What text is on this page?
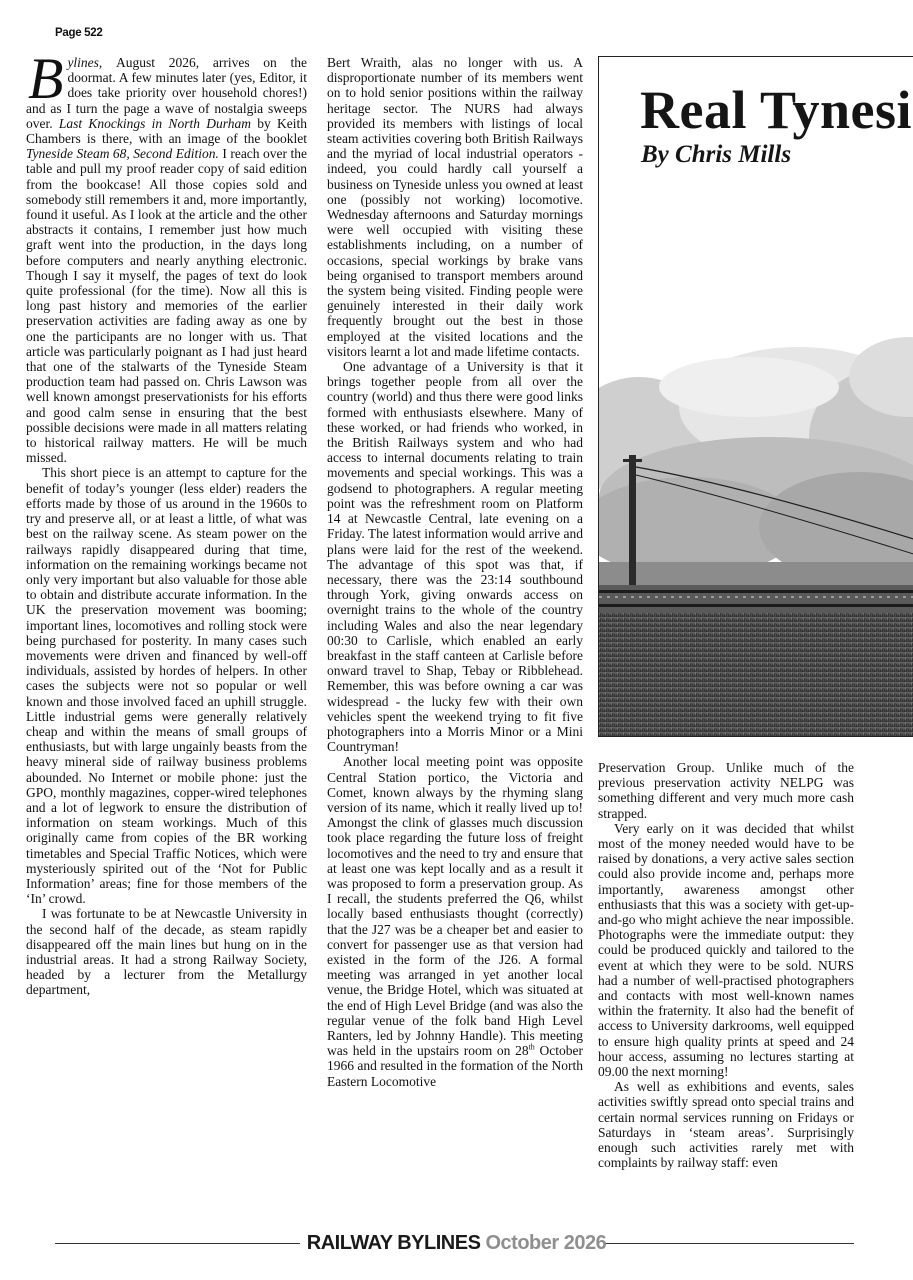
Page 522

Bylines, August 2026, arrives on the doormat. A few minutes later (yes, Editor, it does take priority over household chores!) and as I turn the page a wave of nostalgia sweeps over. Last Knockings in North Durham by Keith Chambers is there, with an image of the booklet Tyneside Steam 68, Second Edition. I reach over the table and pull my proof reader copy of said edition from the bookcase! All those copies sold and somebody still remembers it and, more importantly, found it useful. As I look at the article and the other abstracts it contains, I remember just how much graft went into the production, in the days long before computers and nearly anything electronic. Though I say it myself, the pages of text do look quite professional (for the time). Now all this is long past history and memories of the earlier preservation activities are fading away as one by one the participants are no longer with us. That article was particularly poignant as I had just heard that one of the stalwarts of the Tyneside Steam production team had passed on. Chris Lawson was well known amongst preservationists for his efforts and good calm sense in ensuring that the best possible decisions were made in all matters relating to historical railway matters. He will be much missed.

This short piece is an attempt to capture for the benefit of today’s younger (less elder) readers the efforts made by those of us around in the 1960s to try and preserve all, or at least a little, of what was best on the railway scene. As steam power on the railways rapidly disappeared during that time, information on the remaining workings became not only very important but also valuable for those able to obtain and distribute accurate information. In the UK the preservation movement was booming; important lines, locomotives and rolling stock were being purchased for posterity. In many cases such movements were driven and financed by well-off individuals, assisted by hordes of helpers. In other cases the subjects were not so popular or well known and those involved faced an uphill struggle. Little industrial gems were generally relatively cheap and within the means of small groups of enthusiasts, but with large ungainly beasts from the heavy mineral side of railway business problems abounded. No Internet or mobile phone: just the GPO, monthly magazines, copper-wired telephones and a lot of legwork to ensure the distribution of information on steam workings. Much of this originally came from copies of the BR working timetables and Special Traffic Notices, which were mysteriously spirited out of the ‘Not for Public Information’ areas; fine for those members of the ‘In’ crowd.

I was fortunate to be at Newcastle University in the second half of the decade, as steam rapidly disappeared off the main lines but hung on in the industrial areas. It had a strong Railway Society, headed by a lecturer from the Metallurgy department,

Bert Wraith, alas no longer with us. A disproportionate number of its members went on to hold senior positions within the railway heritage sector. The NURS had always provided its members with listings of local steam activities covering both British Railways and the myriad of local industrial operators - indeed, you could hardly call yourself a business on Tyneside unless you owned at least one (possibly not working) locomotive. Wednesday afternoons and Saturday mornings were well occupied with visiting these establishments including, on a number of occasions, special workings by brake vans being organised to transport members around the system being visited. Finding people were genuinely interested in their daily work frequently brought out the best in those employed at the visited locations and the visitors learnt a lot and made lifetime contacts.

One advantage of a University is that it brings together people from all over the country (world) and thus there were good links formed with enthusiasts elsewhere. Many of these worked, or had friends who worked, in the British Railways system and who had access to internal documents relating to train movements and special workings. This was a godsend to photographers. A regular meeting point was the refreshment room on Platform 14 at Newcastle Central, late evening on a Friday. The latest information would arrive and plans were laid for the rest of the weekend. The advantage of this spot was that, if necessary, there was the 23:14 southbound through York, giving onwards access on overnight trains to the whole of the country including Wales and also the near legendary 00:30 to Carlisle, which enabled an early breakfast in the staff canteen at Carlisle before onward travel to Shap, Tebay or Ribblehead. Remember, this was before owning a car was widespread - the lucky few with their own vehicles spent the weekend trying to fit five photographers into a Morris Minor or a Mini Countryman!

Another local meeting point was opposite Central Station portico, the Victoria and Comet, known always by the rhyming slang version of its name, which it really lived up to! Amongst the clink of glasses much discussion took place regarding the future loss of freight locomotives and the need to try and ensure that at least one was kept locally and as a result it was proposed to form a preservation group. As I recall, the students preferred the Q6, whilst locally based enthusiasts thought (correctly) that the J27 was be a cheaper bet and easier to convert for passenger use as that version had existed in the form of the J26. A formal meeting was arranged in yet another local venue, the Bridge Hotel, which was situated at the end of High Level Bridge (and was also the regular venue of the folk band High Level Ranters, led by Johnny Handle). This meeting was held in the upstairs room on 28th October 1966 and resulted in the formation of the North Eastern Locomotive

Real Tynesi
By Chris Mills

Preservation Group. Unlike much of the previous preservation activity NELPG was something different and very much more cash strapped.

Very early on it was decided that whilst most of the money needed would have to be raised by donations, a very active sales section could also provide income and, perhaps more importantly, awareness amongst other enthusiasts that this was a society with get-up-and-go who might achieve the near impossible. Photographs were the immediate output: they could be produced quickly and tailored to the event at which they were to be sold. NURS had a number of well-practised photographers and contacts with most well-known names within the fraternity. It also had the benefit of access to University darkrooms, well equipped to ensure high quality prints at speed and 24 hour access, assuming no lectures starting at 09.00 the next morning!

As well as exhibitions and events, sales activities swiftly spread onto special trains and certain normal services running on Fridays or Saturdays in ‘steam areas’. Surprisingly enough such activities rarely met with complaints by railway staff: even

RAILWAY BYLINES October 2026
